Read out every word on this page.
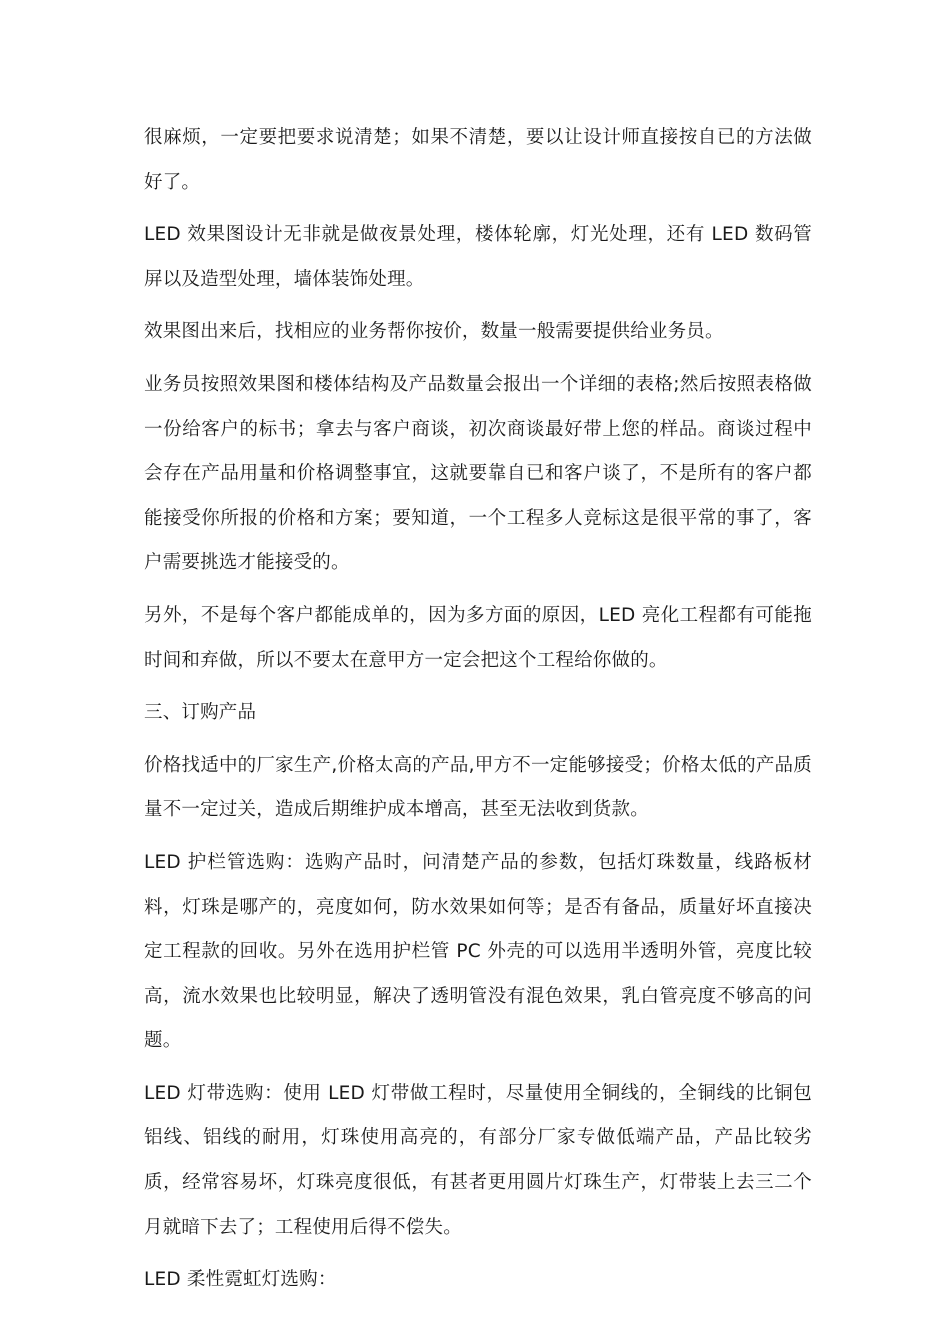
很麻烦，一定要把要求说清楚；如果不清楚，要以让设计师直接按自已的方法做好了。

LED 效果图设计无非就是做夜景处理，楼体轮廓，灯光处理，还有 LED 数码管屏以及造型处理，墙体装饰处理。

效果图出来后，找相应的业务帮你按价，数量一般需要提供给业务员。

业务员按照效果图和楼体结构及产品数量会报出一个详细的表格;然后按照表格做一份给客户的标书；拿去与客户商谈，初次商谈最好带上您的样品。商谈过程中会存在产品用量和价格调整事宜，这就要靠自已和客户谈了，不是所有的客户都能接受你所报的价格和方案；要知道，一个工程多人竞标这是很平常的事了，客户需要挑选才能接受的。

另外，不是每个客户都能成单的，因为多方面的原因，LED 亮化工程都有可能拖时间和弃做，所以不要太在意甲方一定会把这个工程给你做的。

三、订购产品

价格找适中的厂家生产,价格太高的产品,甲方不一定能够接受；价格太低的产品质量不一定过关，造成后期维护成本增高，甚至无法收到货款。

LED 护栏管选购：选购产品时，问清楚产品的参数，包括灯珠数量，线路板材料，灯珠是哪产的，亮度如何，防水效果如何等；是否有备品，质量好坏直接决定工程款的回收。另外在选用护栏管 PC 外壳的可以选用半透明外管，亮度比较高，流水效果也比较明显，解决了透明管没有混色效果，乳白管亮度不够高的问题。

LED 灯带选购：使用 LED 灯带做工程时，尽量使用全铜线的，全铜线的比铜包铝线、铝线的耐用，灯珠使用高亮的，有部分厂家专做低端产品，产品比较劣质，经常容易坏，灯珠亮度很低，有甚者更用圆片灯珠生产，灯带装上去三二个月就暗下去了；工程使用后得不偿失。

LED 柔性霓虹灯选购：
